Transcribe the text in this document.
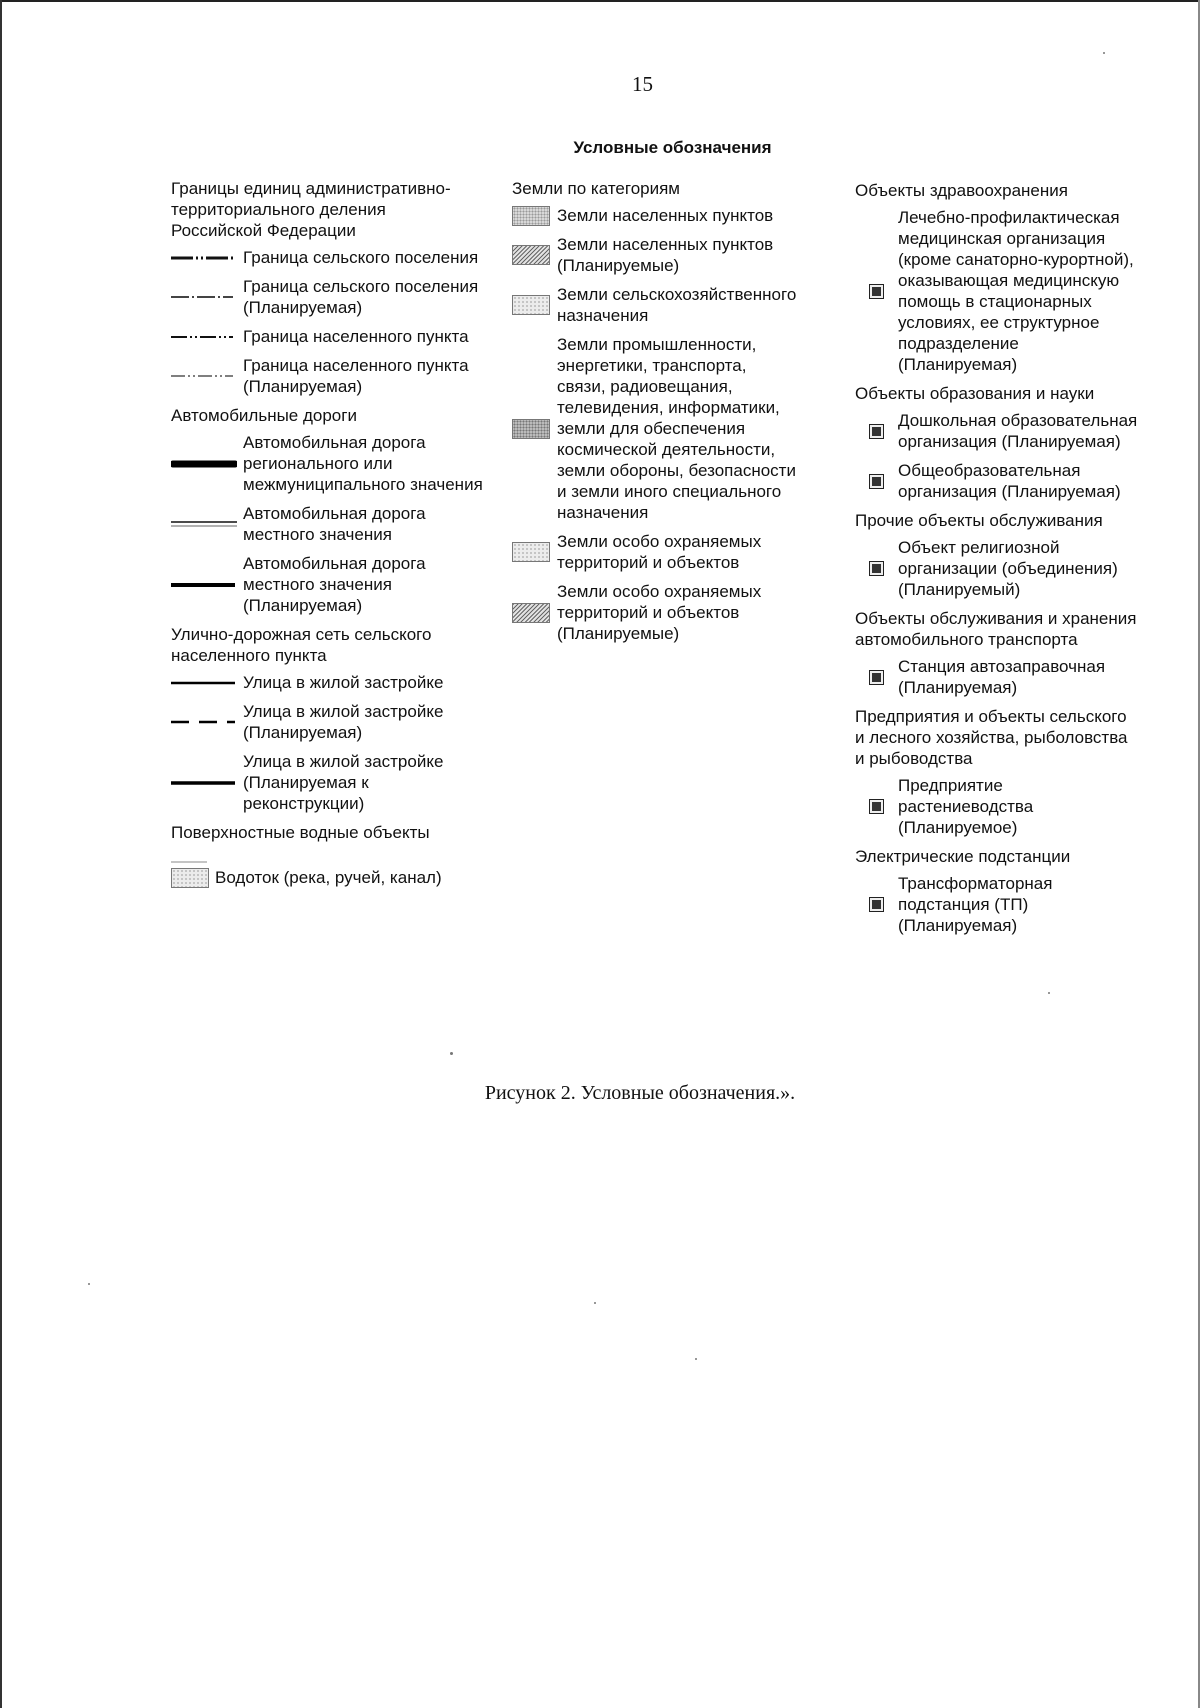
15
Условные обозначения
Границы единиц административно-
территориального деления
Российской Федерации
Граница сельского поселения
Граница сельского поселения
(Планируемая)
Граница населенного пункта
Граница населенного пункта
(Планируемая)
Автомобильные дороги
Автомобильная дорога
регионального или
межмуниципального значения
Автомобильная дорога
местного значения
Автомобильная дорога
местного значения
(Планируемая)
Улично-дорожная сеть сельского
населенного пункта
Улица в жилой застройке
Улица в жилой застройке
(Планируемая)
Улица в жилой застройке
(Планируемая к
реконструкции)
Поверхностные водные объекты
Водоток (река, ручей, канал)
Земли по категориям
Земли населенных пунктов
Земли населенных пунктов
(Планируемые)
Земли сельскохозяйственного
назначения
Земли промышленности,
энергетики, транспорта,
связи, радиовещания,
телевидения, информатики,
земли для обеспечения
космической деятельности,
земли обороны, безопасности
и земли иного специального
назначения
Земли особо охраняемых
территорий и объектов
Земли особо охраняемых
территорий и объектов
(Планируемые)
Объекты здравоохранения
Лечебно-профилактическая
медицинская организация
(кроме санаторно-курортной),
оказывающая медицинскую
помощь в стационарных
условиях, ее структурное
подразделение
(Планируемая)
Объекты образования и науки
Дошкольная образовательная
организация (Планируемая)
Общеобразовательная
организация (Планируемая)
Прочие объекты обслуживания
Объект религиозной
организации (объединения)
(Планируемый)
Объекты обслуживания и хранения
автомобильного транспорта
Станция автозаправочная
(Планируемая)
Предприятия и объекты сельского
и лесного хозяйства, рыболовства
и рыбоводства
Предприятие
растениеводства
(Планируемое)
Электрические подстанции
Трансформаторная
подстанция (ТП)
(Планируемая)
Рисунок 2. Условные обозначения.».
